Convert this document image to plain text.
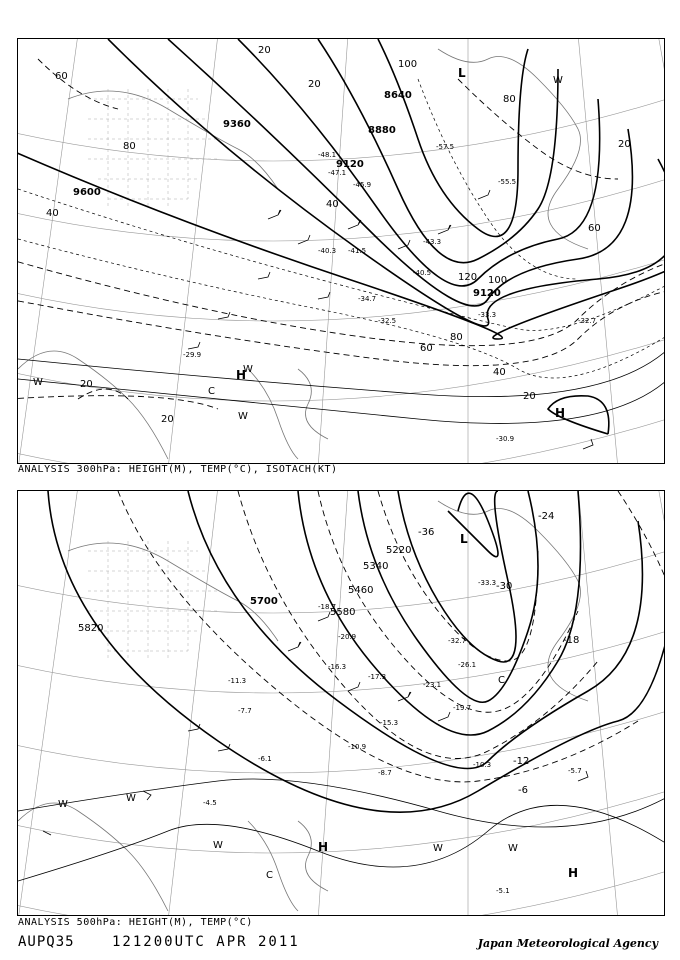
9600
9360
9120
8880
8640
9120
20
40
60
80
100
120
20
40
60
80
100
20
20
20
40
60
80
20
-57.5
-55.5
-48.1
-47.1
-45.9
-43.3
-41.5
-40.5
-40.3
-34.7
-33.3
-32.7
-32.5
-30.9
-29.9
L
H
H
W
W
W
W
C
ANALYSIS 300hPa: HEIGHT(M), TEMP(°C), ISOTACH(KT)
5820
5700
5580
5460
5340
5220
-36
-30
-24
-18
-12
-6
-33.3
-32.7
-26.1
-23.1
-20.9
-19.7
-18.7
-17.3
-16.3
-15.3
-11.3
-10.9
-10.3
-8.7
-7.7
-6.1
-5.7
-5.1
-4.5
L
H
H
W
W
W	W	W
C
C
ANALYSIS 500hPa: HEIGHT(M), TEMP(°C)
AUPQ35	121200UTC APR 2011	Japan Meteorological Agency
